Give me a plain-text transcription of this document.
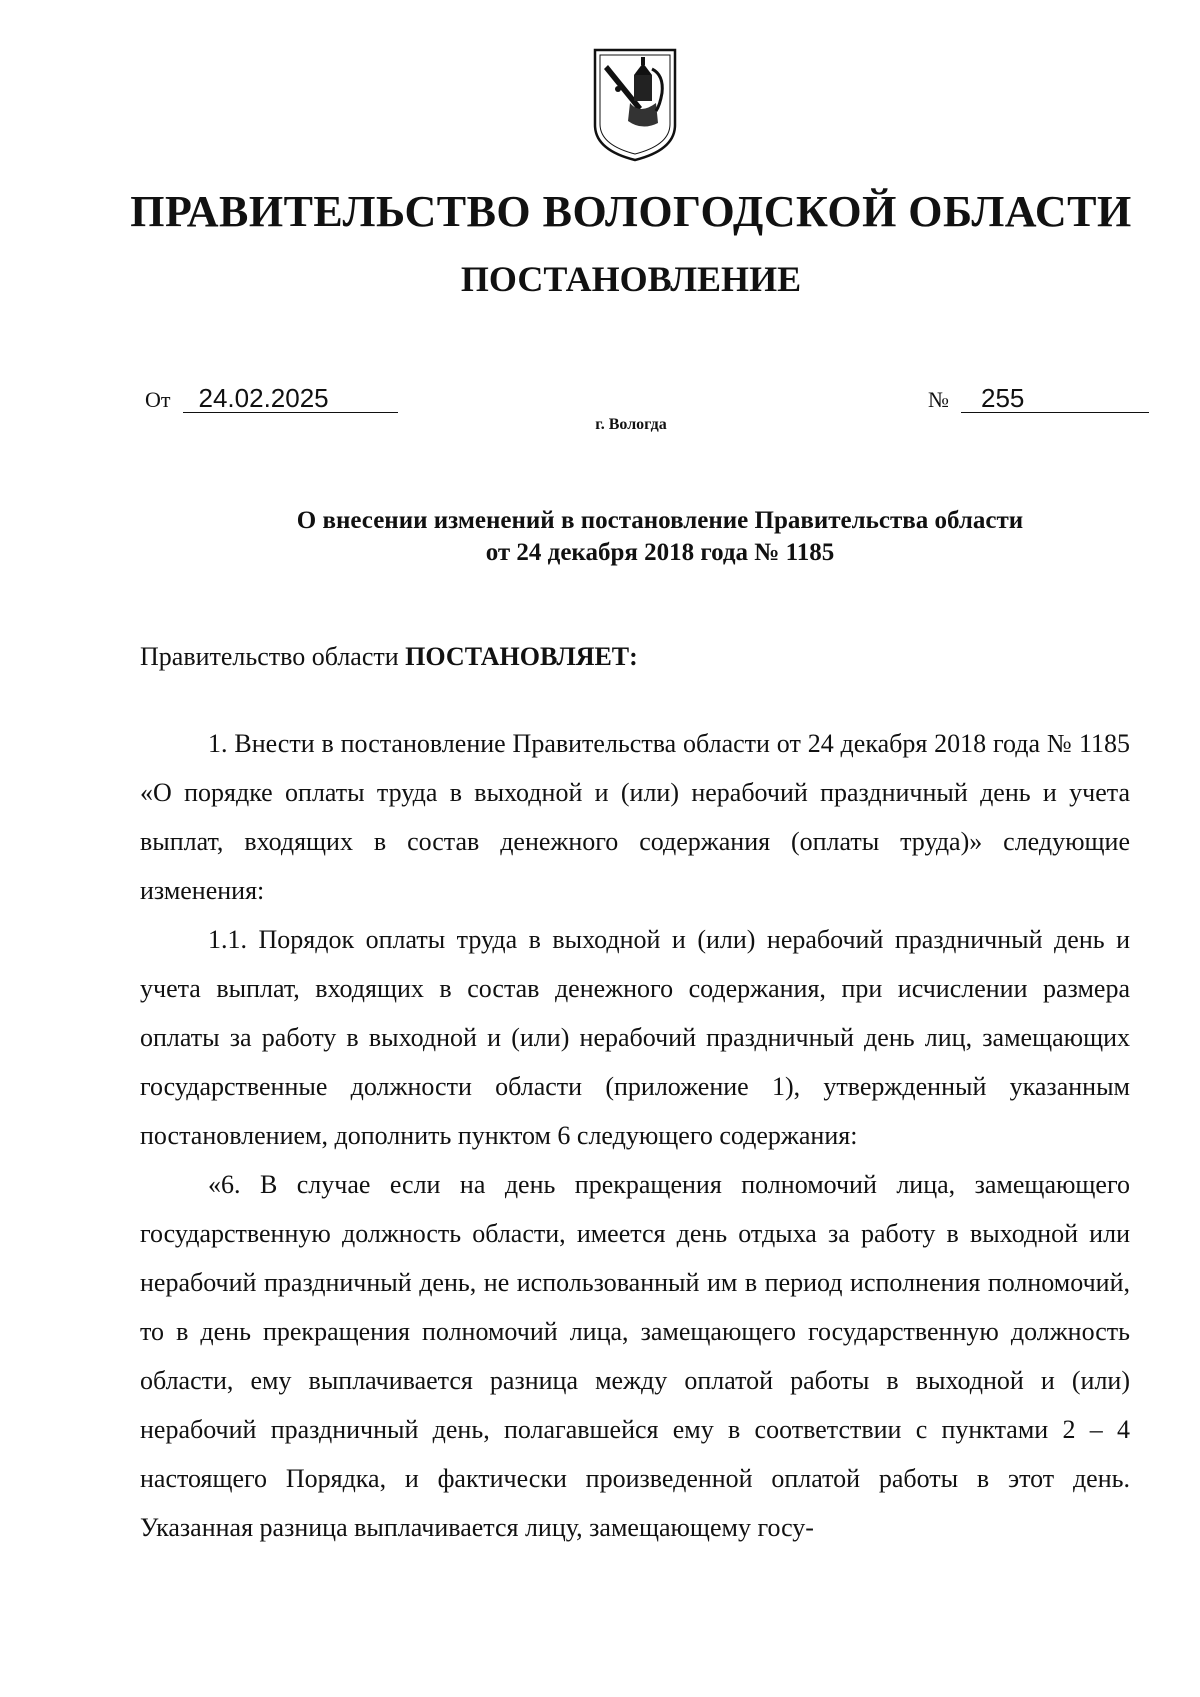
ПРАВИТЕЛЬСТВО ВОЛОГОДСКОЙ ОБЛАСТИ
ПОСТАНОВЛЕНИЕ
От	24.02.2025	№	255
г. Вологда
О внесении изменений в постановление Правительства области
от 24 декабря 2018 года № 1185

Правительство области ПОСТАНОВЛЯЕТ:

1. Внести в постановление Правительства области от 24 декабря 2018 года № 1185 «О порядке оплаты труда в выходной и (или) нерабочий праздничный день и учета выплат, входящих в состав денежного содержания (оплаты труда)» следующие изменения:

1.1. Порядок оплаты труда в выходной и (или) нерабочий праздничный день и учета выплат, входящих в состав денежного содержания, при исчислении размера оплаты за работу в выходной и (или) нерабочий праздничный день лиц, замещающих государственные должности области (приложение 1), утвержденный указанным постановлением, дополнить пунктом 6 следующего содержания:

«6. В случае если на день прекращения полномочий лица, замещающего государственную должность области, имеется день отдыха за работу в выходной или нерабочий праздничный день, не использованный им в период исполнения полномочий, то в день прекращения полномочий лица, замещающего государственную должность области, ему выплачивается разница между оплатой работы в выходной и (или) нерабочий праздничный день, полагавшейся ему в соответствии с пунктами 2 – 4 настоящего Порядка, и фактически произведенной оплатой работы в этот день. Указанная разница выплачивается лицу, замещающему госу-
